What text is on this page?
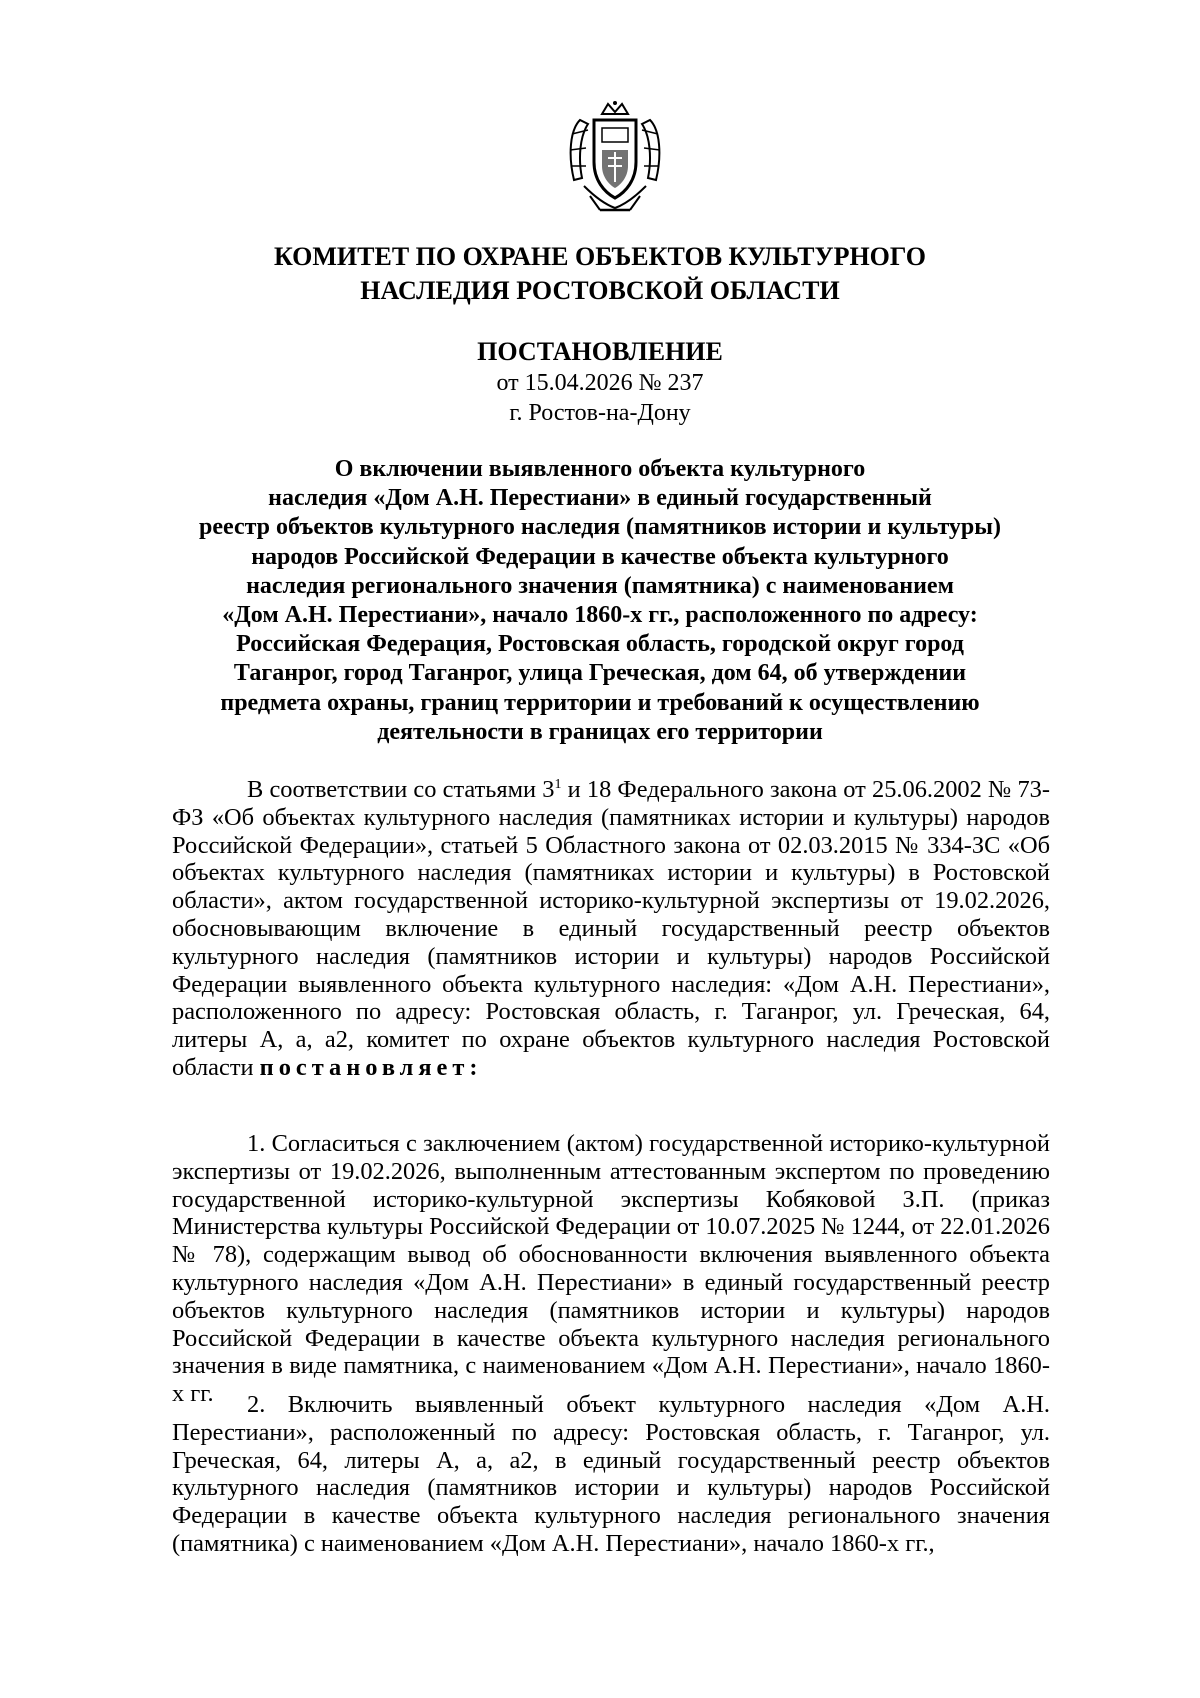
КОМИТЕТ ПО ОХРАНЕ ОБЪЕКТОВ КУЛЬТУРНОГО
НАСЛЕДИЯ РОСТОВСКОЙ ОБЛАСТИ
ПОСТАНОВЛЕНИЕ
от 15.04.2026 № 237
г. Ростов-на-Дону
О включении выявленного объекта культурного
наследия «Дом А.Н. Перестиани» в единый государственный
реестр объектов культурного наследия (памятников истории и культуры)
народов Российской Федерации в качестве объекта культурного
наследия регионального значения (памятника) с наименованием
«Дом А.Н. Перестиани», начало 1860-х гг., расположенного по адресу:
Российская Федерация, Ростовская область, городской округ город
Таганрог, город Таганрог, улица Греческая, дом 64, об утверждении
предмета охраны, границ территории и требований к осуществлению
деятельности в границах его территории

В соответствии со статьями $3^1$ и 18 Федерального закона от 25.06.2002 № 73-ФЗ «Об объектах культурного наследия (памятниках истории и культуры) народов Российской Федерации», статьей 5 Областного закона от 02.03.2015 № 334-ЗС «Об объектах культурного наследия (памятниках истории и культуры) в Ростовской области», актом государственной историко-культурной экспертизы от 19.02.2026, обосновывающим включение в единый государственный реестр объектов культурного наследия (памятников истории и культуры) народов Российской Федерации выявленного объекта культурного наследия: «Дом А.Н. Перестиани», расположенного по адресу: Ростовская область, г. Таганрог, ул. Греческая, 64, литеры А, а, а2, комитет по охране объектов культурного наследия Ростовской области постановляет:

1. Согласиться с заключением (актом) государственной историко-культурной экспертизы от 19.02.2026, выполненным аттестованным экспертом по проведению государственной историко-культурной экспертизы Кобяковой З.П. (приказ Министерства культуры Российской Федерации от 10.07.2025 № 1244, от 22.01.2026 № 78), содержащим вывод об обоснованности включения выявленного объекта культурного наследия «Дом А.Н. Перестиани» в единый государственный реестр объектов культурного наследия (памятников истории и культуры) народов Российской Федерации в качестве объекта культурного наследия регионального значения в виде памятника, с наименованием «Дом А.Н. Перестиани», начало 1860-х гг.	2. Включить выявленный объект культурного наследия «Дом А.Н. Перестиани», расположенный по адресу: Ростовская область, г. Таганрог, ул. Греческая, 64, литеры А, а, а2, в единый государственный реестр объектов культурного наследия (памятников истории и культуры) народов Российской Федерации в качестве объекта культурного наследия регионального значения (памятника) с наименованием «Дом А.Н. Перестиани», начало 1860-х гг.,
